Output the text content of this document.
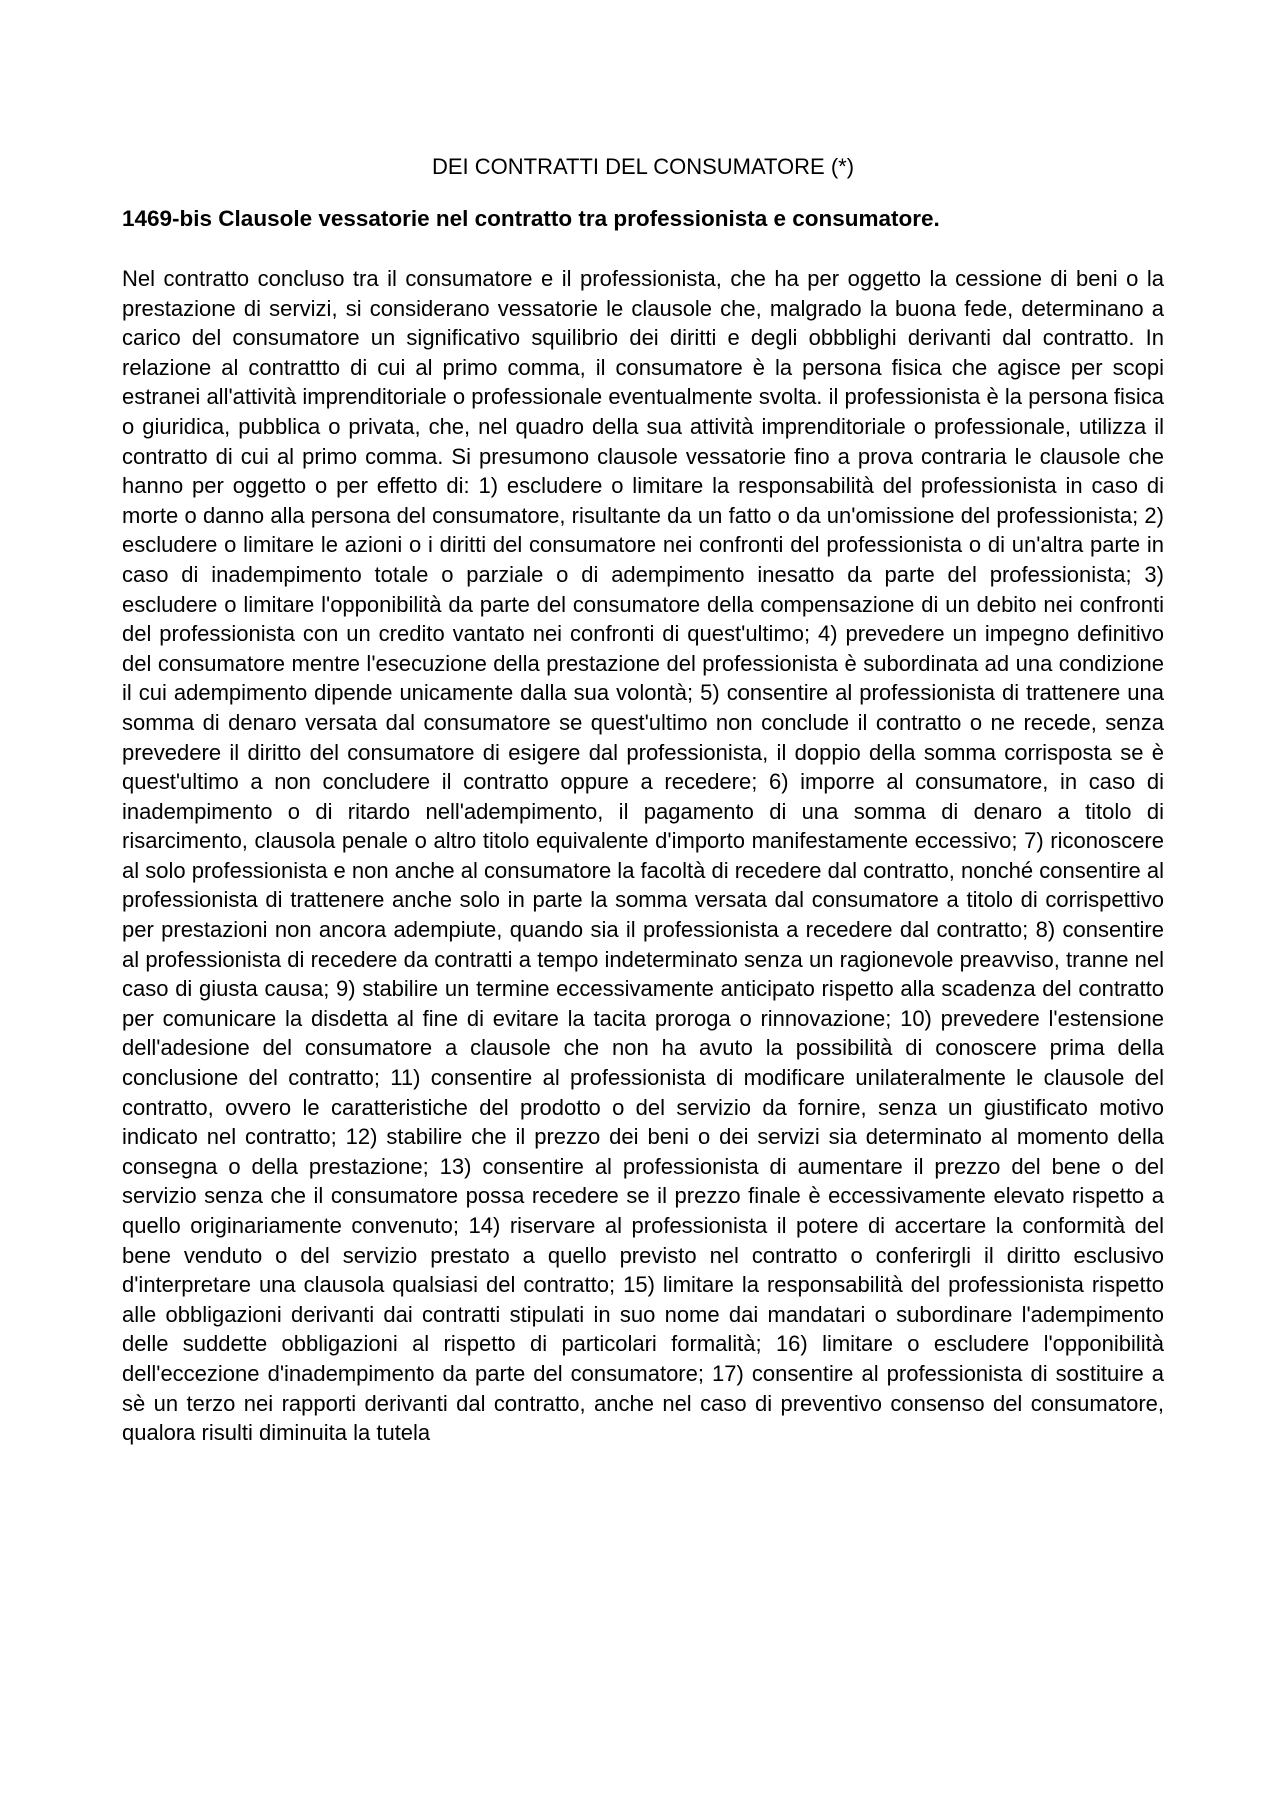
DEI CONTRATTI DEL CONSUMATORE (*)
1469-bis Clausole vessatorie nel contratto tra professionista e consumatore.

Nel contratto concluso tra il consumatore e il professionista, che ha per oggetto la cessione di beni o la prestazione di servizi, si considerano vessatorie le clausole che, malgrado la buona fede, determinano a carico del consumatore un significativo squilibrio dei diritti e degli obbblighi derivanti dal contratto. In relazione al contrattto di cui al primo comma, il consumatore è la persona fisica che agisce per scopi estranei all'attività imprenditoriale o professionale eventualmente svolta. il professionista è la persona fisica o giuridica, pubblica o privata, che, nel quadro della sua attività imprenditoriale o professionale, utilizza il contratto di cui al primo comma. Si presumono clausole vessatorie fino a prova contraria le clausole che hanno per oggetto o per effetto di: 1) escludere o limitare la responsabilità del professionista in caso di morte o danno alla persona del consumatore, risultante da un fatto o da un'omissione del professionista; 2) escludere o limitare le azioni o i diritti del consumatore nei confronti del professionista o di un'altra parte in caso di inadempimento totale o parziale o di adempimento inesatto da parte del professionista; 3) escludere o limitare l'opponibilità da parte del consumatore della compensazione di un debito nei confronti del professionista con un credito vantato nei confronti di quest'ultimo; 4) prevedere un impegno definitivo del consumatore mentre l'esecuzione della prestazione del professionista è subordinata ad una condizione il cui adempimento dipende unicamente dalla sua volontà; 5) consentire al professionista di trattenere una somma di denaro versata dal consumatore se quest'ultimo non conclude il contratto o ne recede, senza prevedere il diritto del consumatore di esigere dal professionista, il doppio della somma corrisposta se è quest'ultimo a non concludere il contratto oppure a recedere; 6) imporre al consumatore, in caso di inadempimento o di ritardo nell'adempimento, il pagamento di una somma di denaro a titolo di risarcimento, clausola penale o altro titolo equivalente d'importo manifestamente eccessivo; 7) riconoscere al solo professionista e non anche al consumatore la facoltà di recedere dal contratto, nonché consentire al professionista di trattenere anche solo in parte la somma versata dal consumatore a titolo di corrispettivo per prestazioni non ancora adempiute, quando sia il professionista a recedere dal contratto; 8) consentire al professionista di recedere da contratti a tempo indeterminato senza un ragionevole preavviso, tranne nel caso di giusta causa; 9) stabilire un termine eccessivamente anticipato rispetto alla scadenza del contratto per comunicare la disdetta al fine di evitare la tacita proroga o rinnovazione; 10) prevedere l'estensione dell'adesione del consumatore a clausole che non ha avuto la possibilità di conoscere prima della conclusione del contratto; 11) consentire al professionista di modificare unilateralmente le clausole del contratto, ovvero le caratteristiche del prodotto o del servizio da fornire, senza un giustificato motivo indicato nel contratto; 12) stabilire che il prezzo dei beni o dei servizi sia determinato al momento della consegna o della prestazione; 13) consentire al professionista di aumentare il prezzo del bene o del servizio senza che il consumatore possa recedere se il prezzo finale è eccessivamente elevato rispetto a quello originariamente convenuto; 14) riservare al professionista il potere di accertare la conformità del bene venduto o del servizio prestato a quello previsto nel contratto o conferirgli il diritto esclusivo d'interpretare una clausola qualsiasi del contratto; 15) limitare la responsabilità del professionista rispetto alle obbligazioni derivanti dai contratti stipulati in suo nome dai mandatari o subordinare l'adempimento delle suddette obbligazioni al rispetto di particolari formalità; 16) limitare o escludere l'opponibilità dell'eccezione d'inadempimento da parte del consumatore; 17) consentire al professionista di sostituire a sè un terzo nei rapporti derivanti dal contratto, anche nel caso di preventivo consenso del consumatore, qualora risulti diminuita la tutela
